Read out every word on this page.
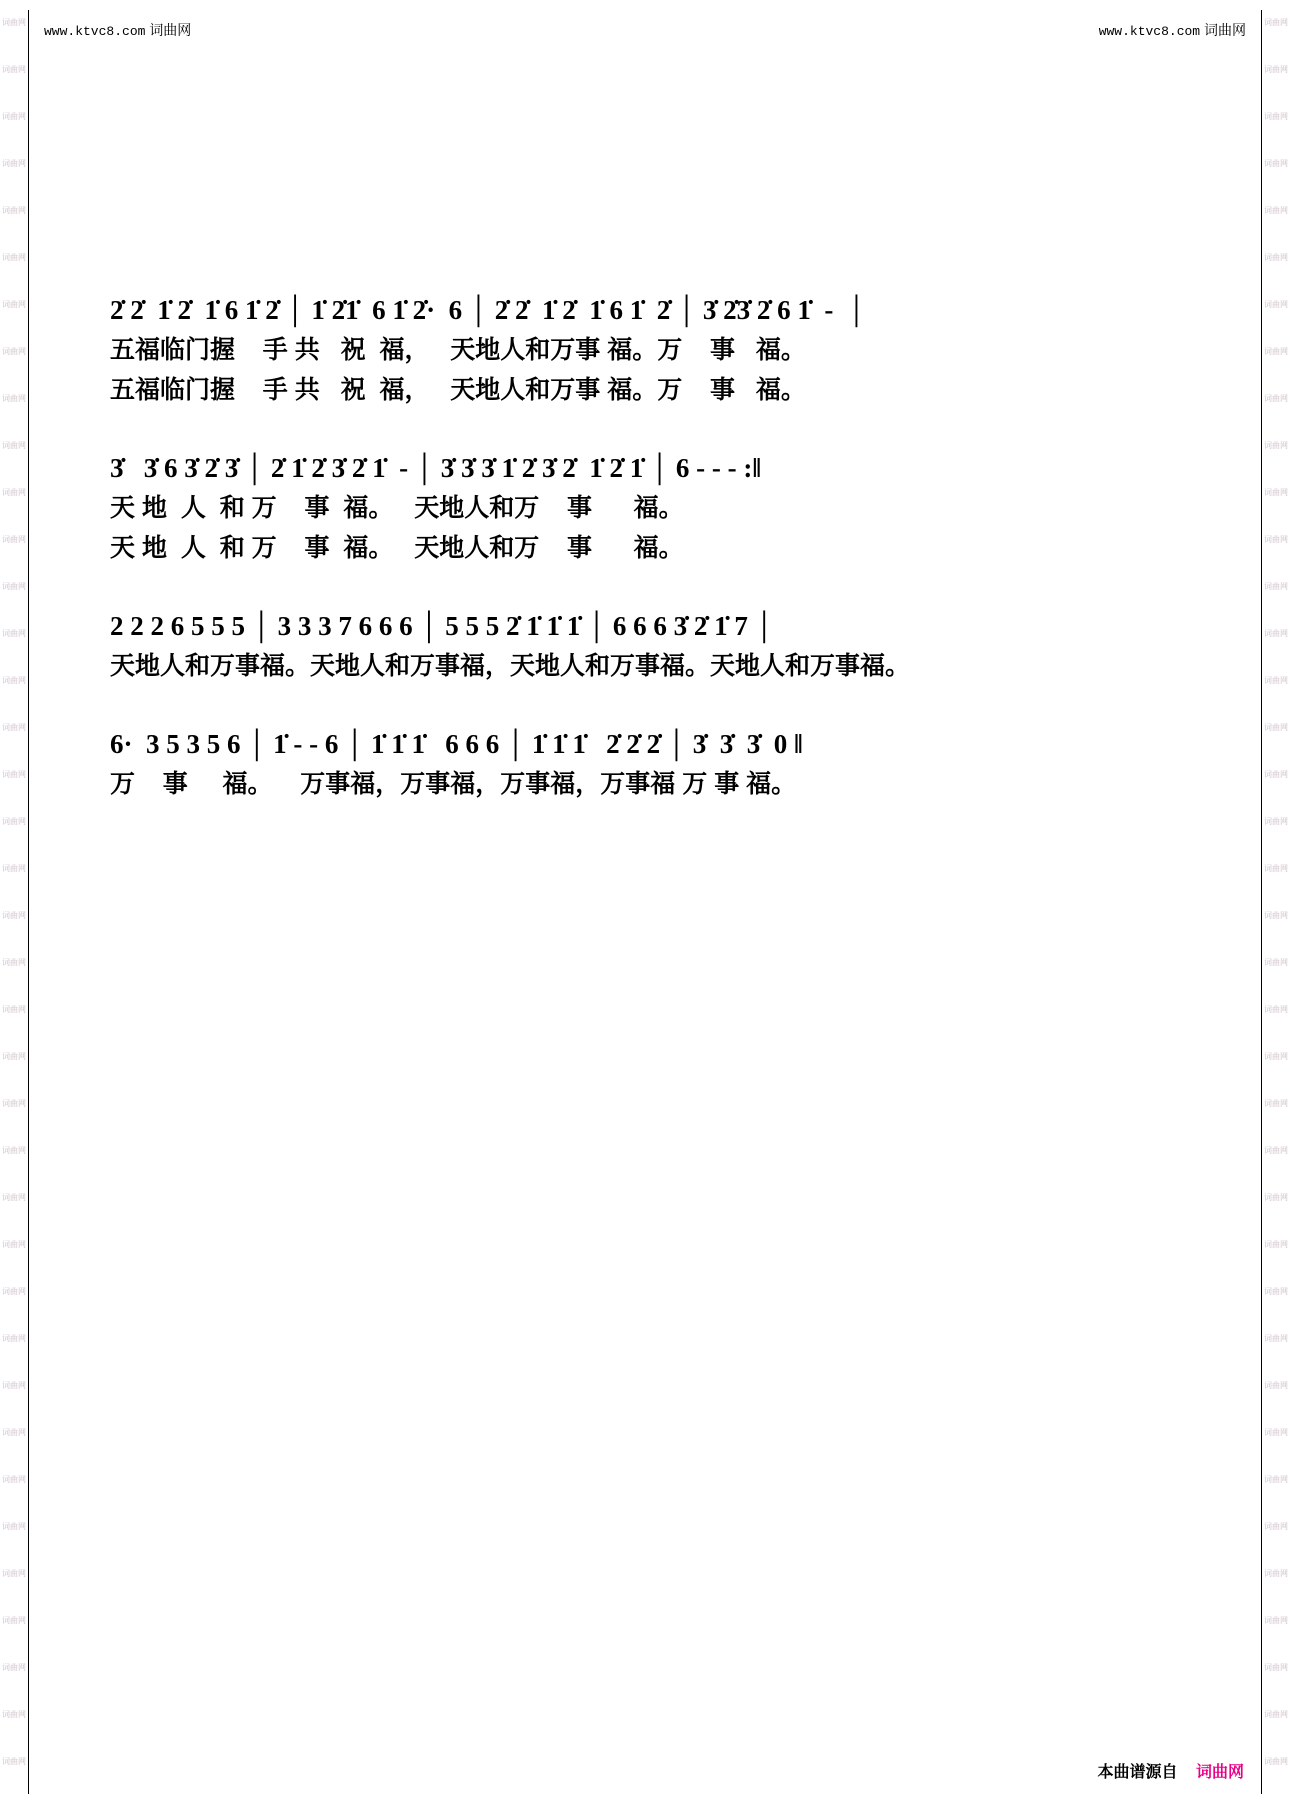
词曲网
词曲网
词曲网
词曲网
词曲网
词曲网
词曲网
词曲网
词曲网
词曲网
词曲网
词曲网
词曲网
词曲网
词曲网
词曲网
词曲网
词曲网
词曲网
词曲网
词曲网
词曲网
词曲网
词曲网
词曲网
词曲网
词曲网
词曲网
词曲网
词曲网
词曲网
词曲网
词曲网
词曲网
词曲网
词曲网
词曲网
词曲网
词曲网
词曲网
词曲网
词曲网
词曲网
词曲网
词曲网
词曲网
词曲网
词曲网
词曲网
词曲网
词曲网
词曲网
词曲网
词曲网
词曲网
词曲网
词曲网
词曲网
词曲网
词曲网
词曲网
词曲网
词曲网
词曲网
词曲网
词曲网
词曲网
词曲网
词曲网
词曲网
词曲网
词曲网
词曲网
词曲网
词曲网
词曲网
www.ktvc8.com 词曲网	www.ktvc8.com 词曲网
2̇ 2̇  1̇ 2̇  1̇ 6 1̇ 2̇ │ 1̇ 2̇1̇  6 1̇ 2̇·  6 │ 2̇ 2̇  1̇ 2̇  1̇ 6 1̇  2̇ │ 3̇ 2̇3̇ 2̇ 6 1̇  -  │
五福临门握    手 共   祝  福，   天地人和万事 福。万    事   福。
五福临门握    手 共   祝  福，   天地人和万事 福。万    事   福。
3̇   3̇ 6 3̇ 2̇ 3̇ │ 2̇ 1̇ 2̇ 3̇ 2̇ 1̇  - │ 3̇ 3̇ 3̇ 1̇ 2̇ 3̇ 2̇  1̇ 2̇ 1̇ │ 6 - - - :‖
天 地  人  和 万    事  福。   天地人和万    事      福。
天 地  人  和 万    事  福。   天地人和万    事      福。
2 2 2 6 5 5 5 │ 3 3 3 7 6 6 6 │ 5 5 5 2̇ 1̇ 1̇ 1̇ │ 6 6 6 3̇ 2̇ 1̇ 7 │
天地人和万事福。天地人和万事福，天地人和万事福。天地人和万事福。
6·  3 5 3 5 6 │ 1̇ - - 6 │ 1̇ 1̇ 1̇   6 6 6 │ 1̇ 1̇ 1̇   2̇ 2̇ 2̇ │ 3̇  3̇  3̇  0 ‖
万    事     福。    万事福，万事福，万事福，万事福 万 事 福。
本曲谱源自 词曲网
